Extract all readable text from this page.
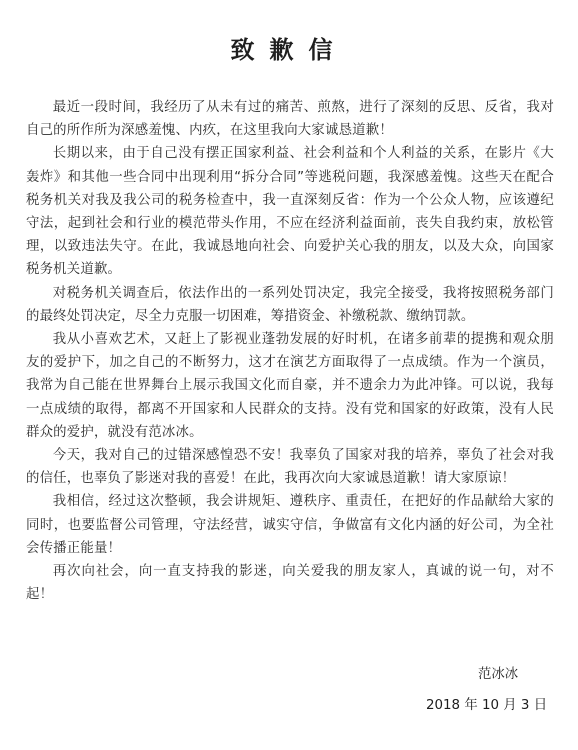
致歉信

最近一段时间，我经历了从未有过的痛苦、煎熬，进行了深刻的反思、反省，我对自己的所作所为深感羞愧、内疚，在这里我向大家诚恳道歉！

长期以来，由于自己没有摆正国家利益、社会利益和个人利益的关系，在影片《大轰炸》和其他一些合同中出现利用“拆分合同”等逃税问题，我深感羞愧。这些天在配合税务机关对我及我公司的税务检查中，我一直深刻反省：作为一个公众人物，应该遵纪守法，起到社会和行业的模范带头作用，不应在经济利益面前，丧失自我约束，放松管理，以致违法失守。在此，我诚恳地向社会、向爱护关心我的朋友，以及大众，向国家税务机关道歉。

对税务机关调查后，依法作出的一系列处罚决定，我完全接受，我将按照税务部门的最终处罚决定，尽全力克服一切困难，筹措资金、补缴税款、缴纳罚款。

我从小喜欢艺术，又赶上了影视业蓬勃发展的好时机，在诸多前辈的提携和观众朋友的爱护下，加之自己的不断努力，这才在演艺方面取得了一点成绩。作为一个演员，我常为自己能在世界舞台上展示我国文化而自豪，并不遗余力为此冲锋。可以说，我每一点成绩的取得，都离不开国家和人民群众的支持。没有党和国家的好政策，没有人民群众的爱护，就没有范冰冰。

今天，我对自己的过错深感惶恐不安！我辜负了国家对我的培养，辜负了社会对我的信任，也辜负了影迷对我的喜爱！在此，我再次向大家诚恳道歉！请大家原谅！

我相信，经过这次整顿，我会讲规矩、遵秩序、重责任，在把好的作品献给大家的同时，也要监督公司管理，守法经营，诚实守信，争做富有文化内涵的好公司，为全社会传播正能量！

再次向社会，向一直支持我的影迷，向关爱我的朋友家人，真诚的说一句，对不起！

范冰冰
2018 年 10 月 3 日
